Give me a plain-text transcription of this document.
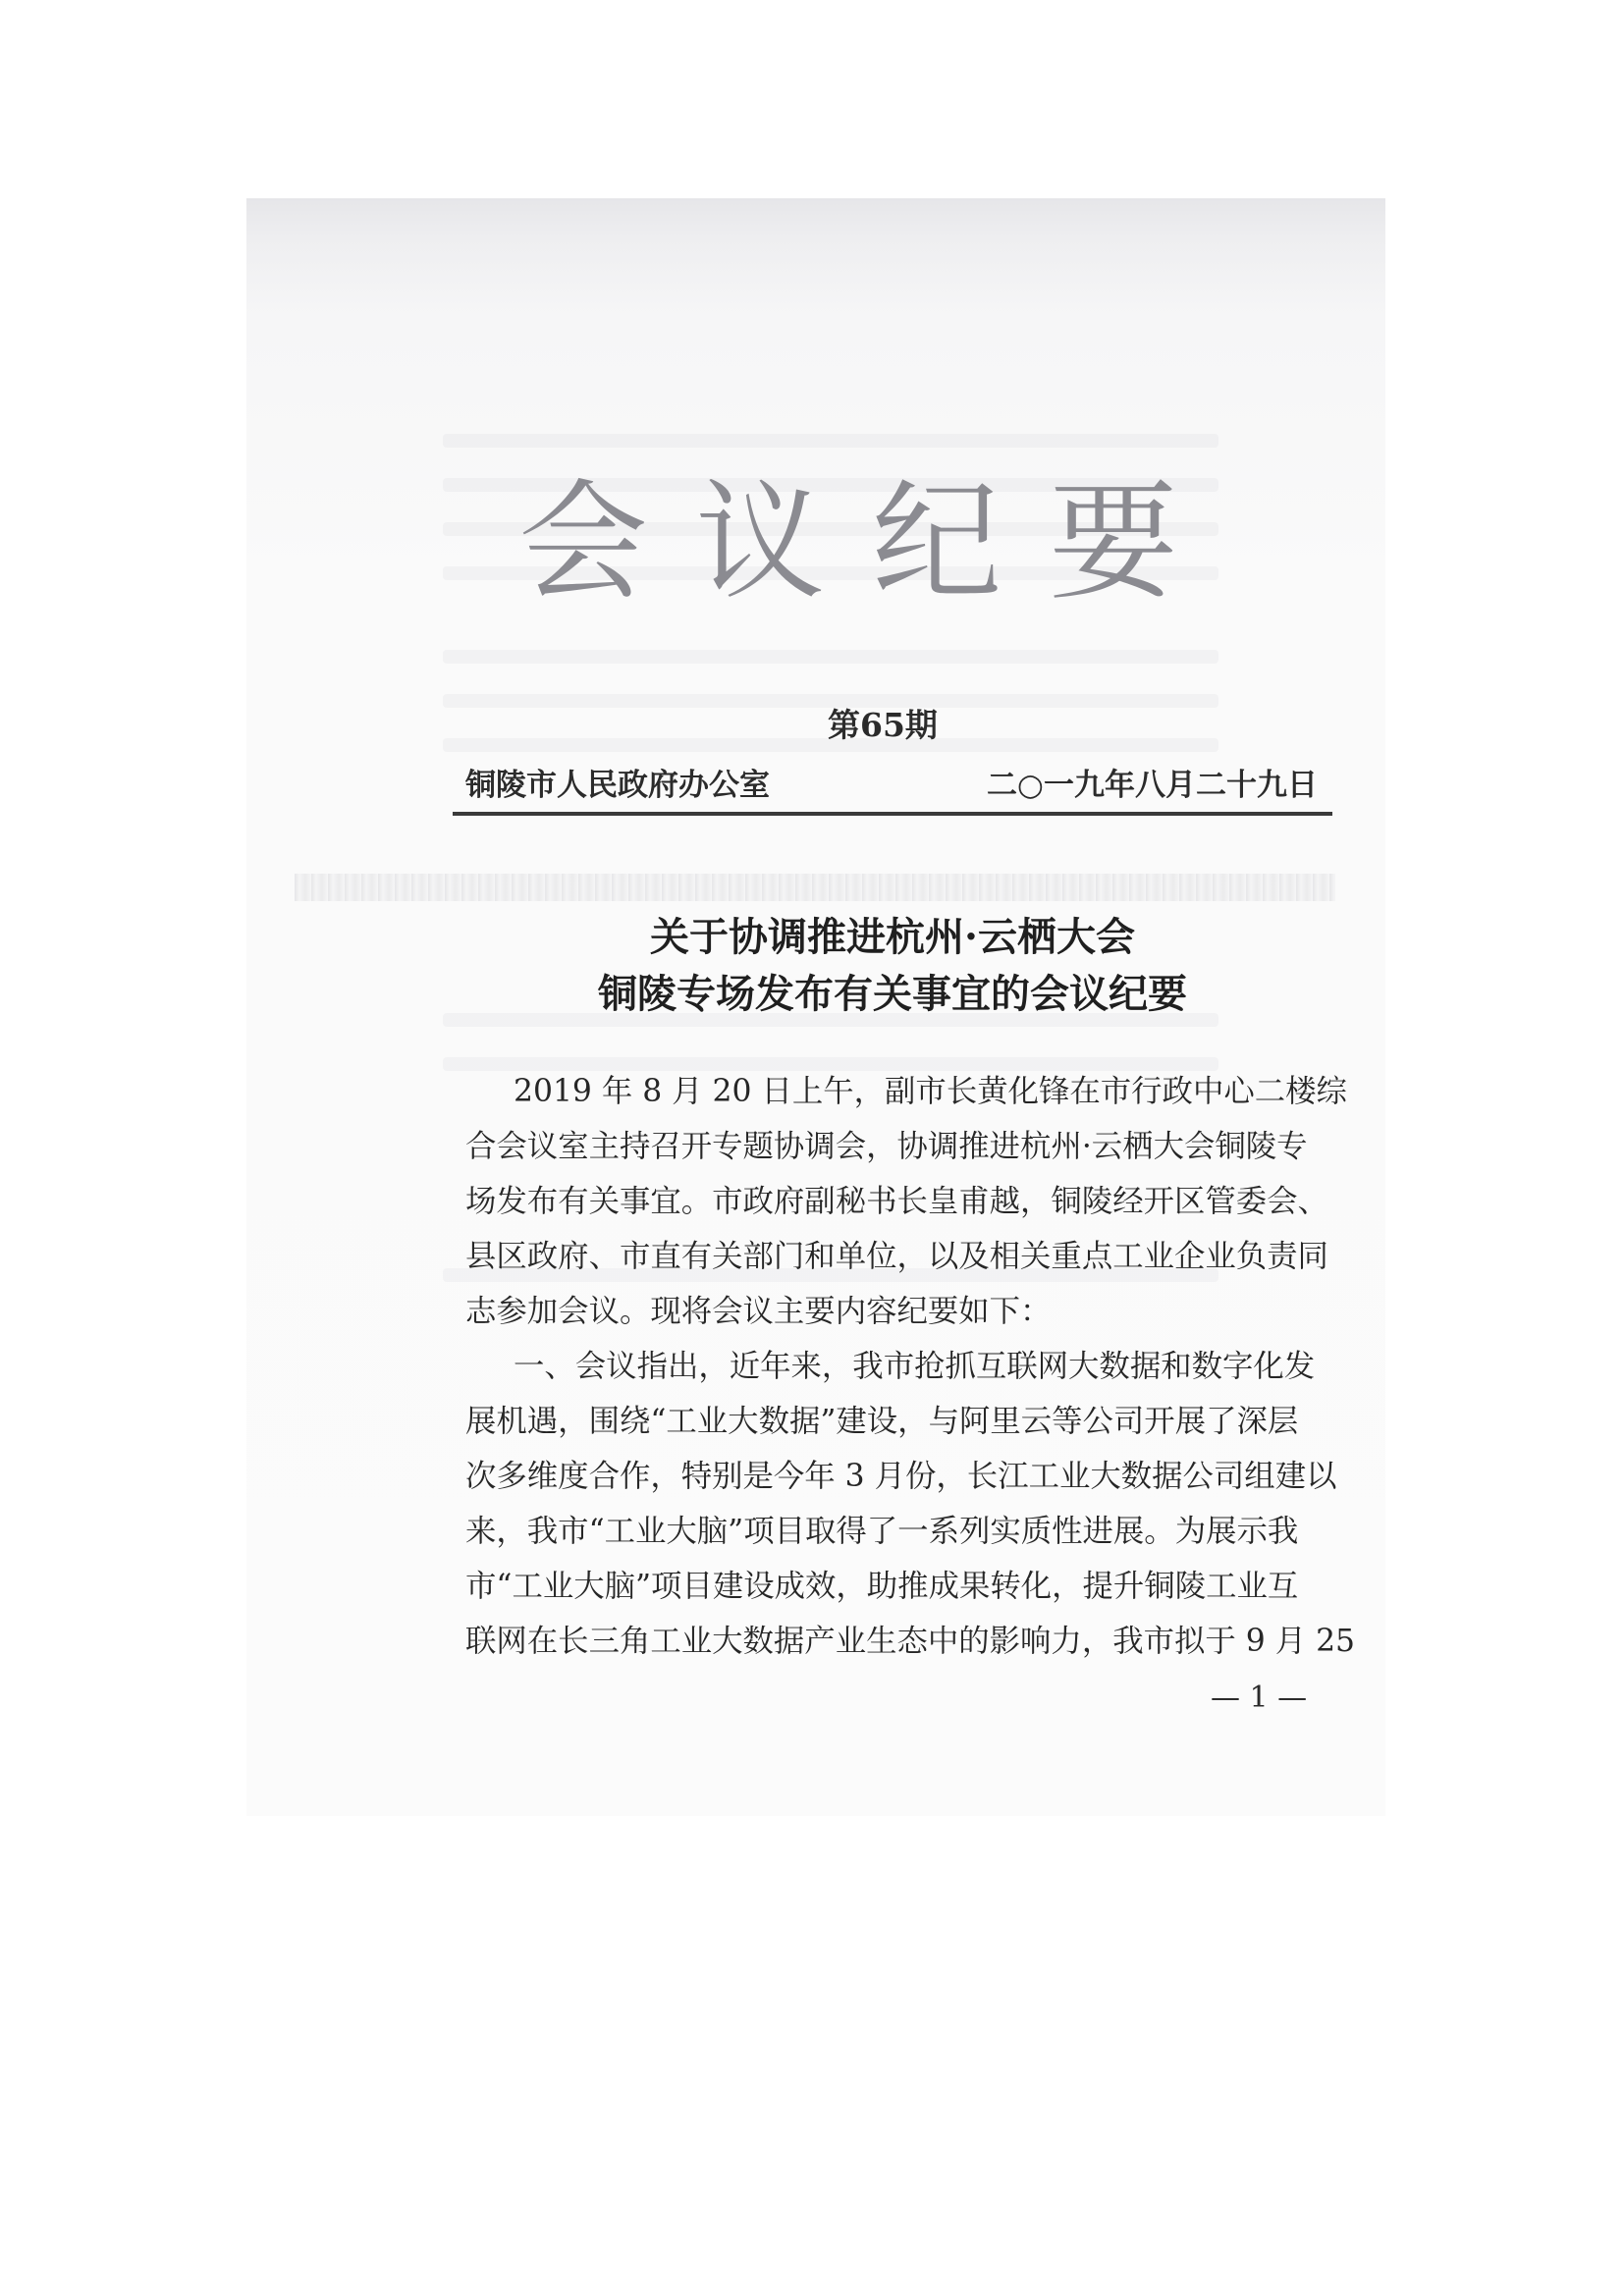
会议纪要
第65期
铜陵市人民政府办公室	二○一九年八月二十九日
关于协调推进杭州·云栖大会
铜陵专场发布有关事宜的会议纪要
2019 年 8 月 20 日上午，副市长黄化锋在市行政中心二楼综
合会议室主持召开专题协调会，协调推进杭州·云栖大会铜陵专
场发布有关事宜。市政府副秘书长皇甫越，铜陵经开区管委会、
县区政府、市直有关部门和单位，以及相关重点工业企业负责同
志参加会议。现将会议主要内容纪要如下：
一、会议指出，近年来，我市抢抓互联网大数据和数字化发
展机遇，围绕“工业大数据”建设，与阿里云等公司开展了深层
次多维度合作，特别是今年 3 月份，长江工业大数据公司组建以
来，我市“工业大脑”项目取得了一系列实质性进展。为展示我
市“工业大脑”项目建设成效，助推成果转化，提升铜陵工业互
联网在长三角工业大数据产业生态中的影响力，我市拟于 9 月 25
— 1 —
